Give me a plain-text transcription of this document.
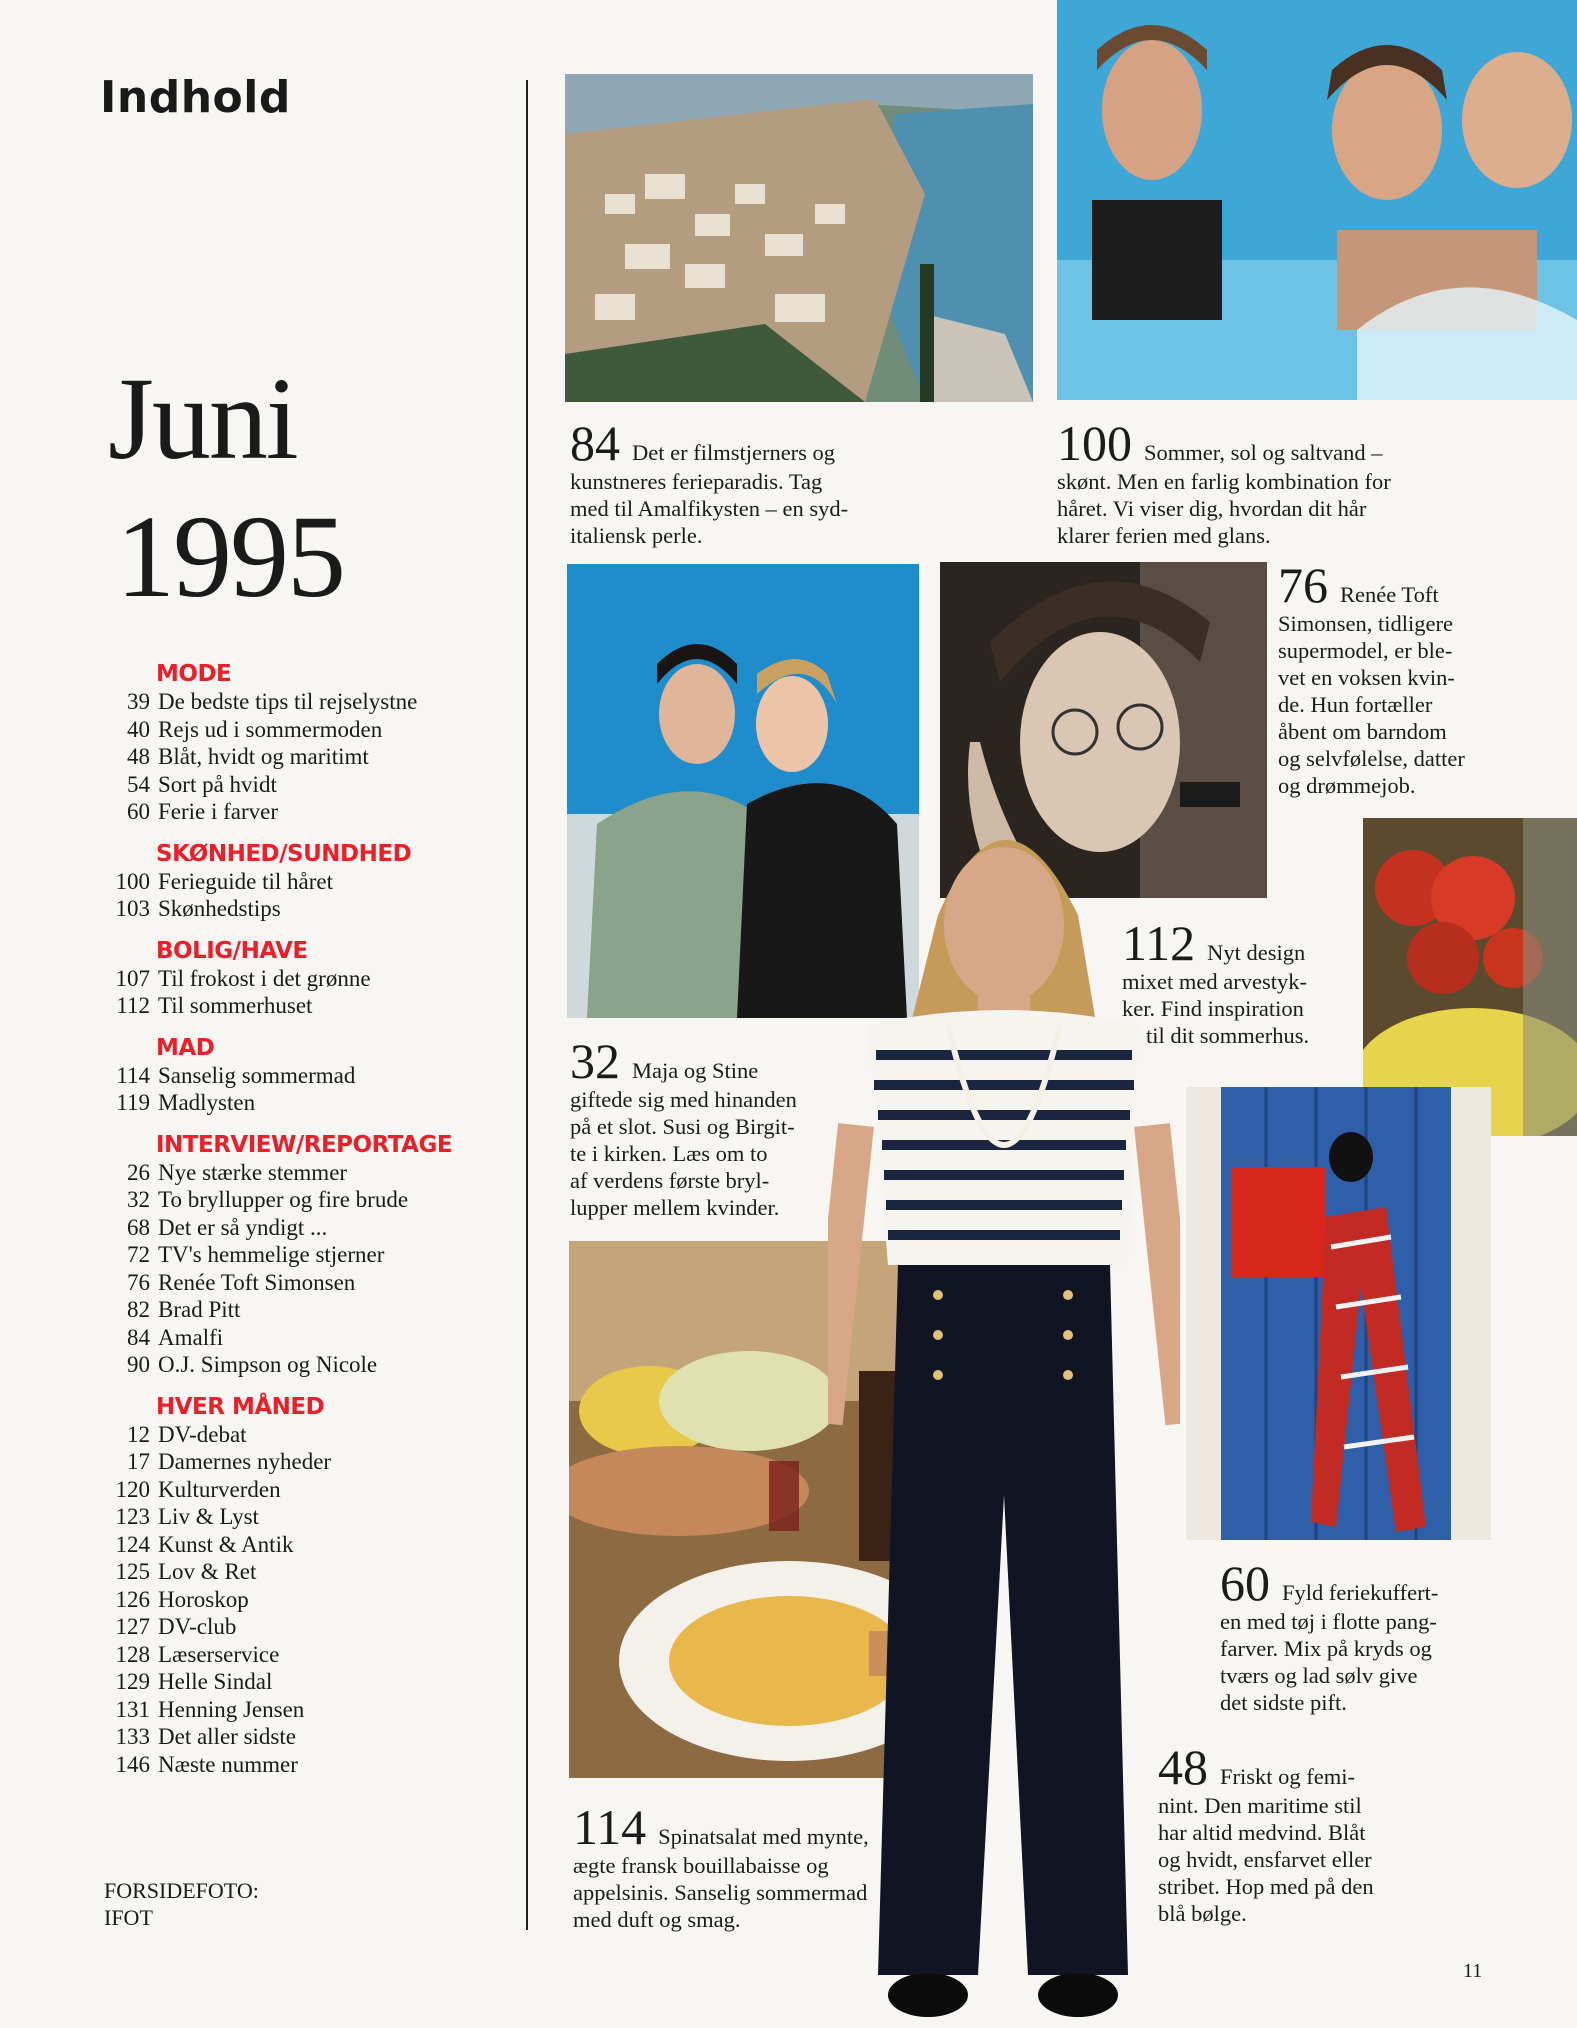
Indhold
Juni
1995
MODE
39 De bedste tips til rejselystne
40 Rejs ud i sommermoden
48 Blåt, hvidt og maritimt
54 Sort på hvidt
60 Ferie i farver
SKØNHED/SUNDHED
100 Ferieguide til håret
103 Skønhedstips
BOLIG/HAVE
107 Til frokost i det grønne
112 Til sommerhuset
MAD
114 Sanselig sommermad
119 Madlysten
INTERVIEW/REPORTAGE
26 Nye stærke stemmer
32 To bryllupper og fire brude
68 Det er så yndigt ...
72 TV's hemmelige stjerner
76 Renée Toft Simonsen
82 Brad Pitt
84 Amalfi
90 O.J. Simpson og Nicole
HVER MÅNED
12 DV-debat
17 Damernes nyheder
120 Kulturverden
123 Liv & Lyst
124 Kunst & Antik
125 Lov & Ret
126 Horoskop
127 DV-club
128 Læserservice
129 Helle Sindal
131 Henning Jensen
133 Det aller sidste
146 Næste nummer
FORSIDEFOTO:
IFOT
84 Det er filmstjerners og
kunstneres ferieparadis. Tag
med til Amalfikysten – en syd-
italiensk perle.
100 Sommer, sol og saltvand –
skønt. Men en farlig kombination for
håret. Vi viser dig, hvordan dit hår
klarer ferien med glans.
76 Renée Toft
Simonsen, tidligere
supermodel, er ble-
vet en voksen kvin-
de. Hun fortæller
åbent om barndom
og selvfølelse, datter
og drømmejob.
112 Nyt design
mixet med arvestyk-
ker. Find inspiration
til dit sommerhus.
32 Maja og Stine
giftede sig med hinanden
på et slot. Susi og Birgit-
te i kirken. Læs om to
af verdens første bryl-
lupper mellem kvinder.
60 Fyld feriekuffert-
en med tøj i flotte pang-
farver. Mix på kryds og
tværs og lad sølv give
det sidste pift.
48 Friskt og femi-
nint. Den maritime stil
har altid medvind. Blåt
og hvidt, ensfarvet eller
stribet. Hop med på den
blå bølge.
114 Spinatsalat med mynte,
ægte fransk bouillabaisse og
appelsinis. Sanselig sommermad
med duft og smag.
11
